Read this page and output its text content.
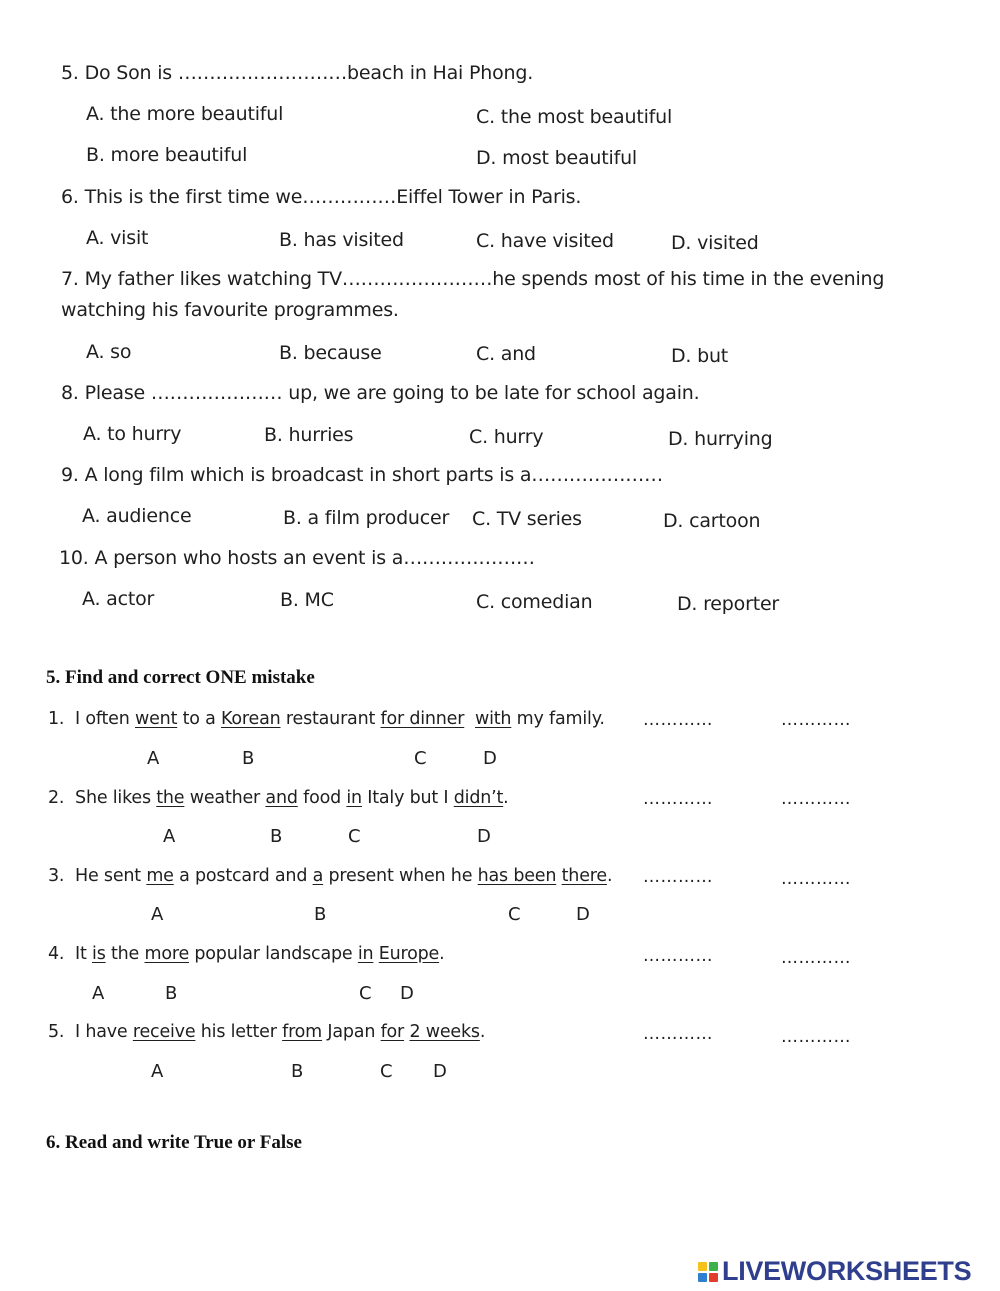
5. Do Son is ………………………beach in Hai Phong.
A. the more beautiful	C. the most beautiful
B. more beautiful	D. most beautiful
6. This is the first time we……………Eiffel Tower in Paris.
A. visit	B. has visited	C. have visited	D. visited
7. My father likes watching TV……………………he spends most of his time in the evening
watching his favourite programmes.
A. so	B. because	C. and	D. but
8. Please ………………… up, we are going to be late for school again.
A. to hurry	B. hurries	C. hurry	D. hurrying
9. A long film which is broadcast in short parts is a…………………
A. audience	B. a film producer C. TV series	D. cartoon
10. A person who hosts an event is a…………………
A. actor	B. MC	C. comedian	D. reporter
5. Find and correct ONE mistake
1. I often went to a Korean restaurant for dinner with my family. …………	…………
A	B	C	D
2. She likes the weather and food in Italy but I didn’t.	…………	…………
A	B	C	D
3. He sent me a postcard and a present when he has been there. …………	…………
A	B	C	D
4. It is the more popular landscape in Europe.	…………	…………
A	B	C D
5. I have receive his letter from Japan for 2 weeks.	…………	…………
A	B	C D
6. Read and write True or False
LIVEWORKSHEETS
